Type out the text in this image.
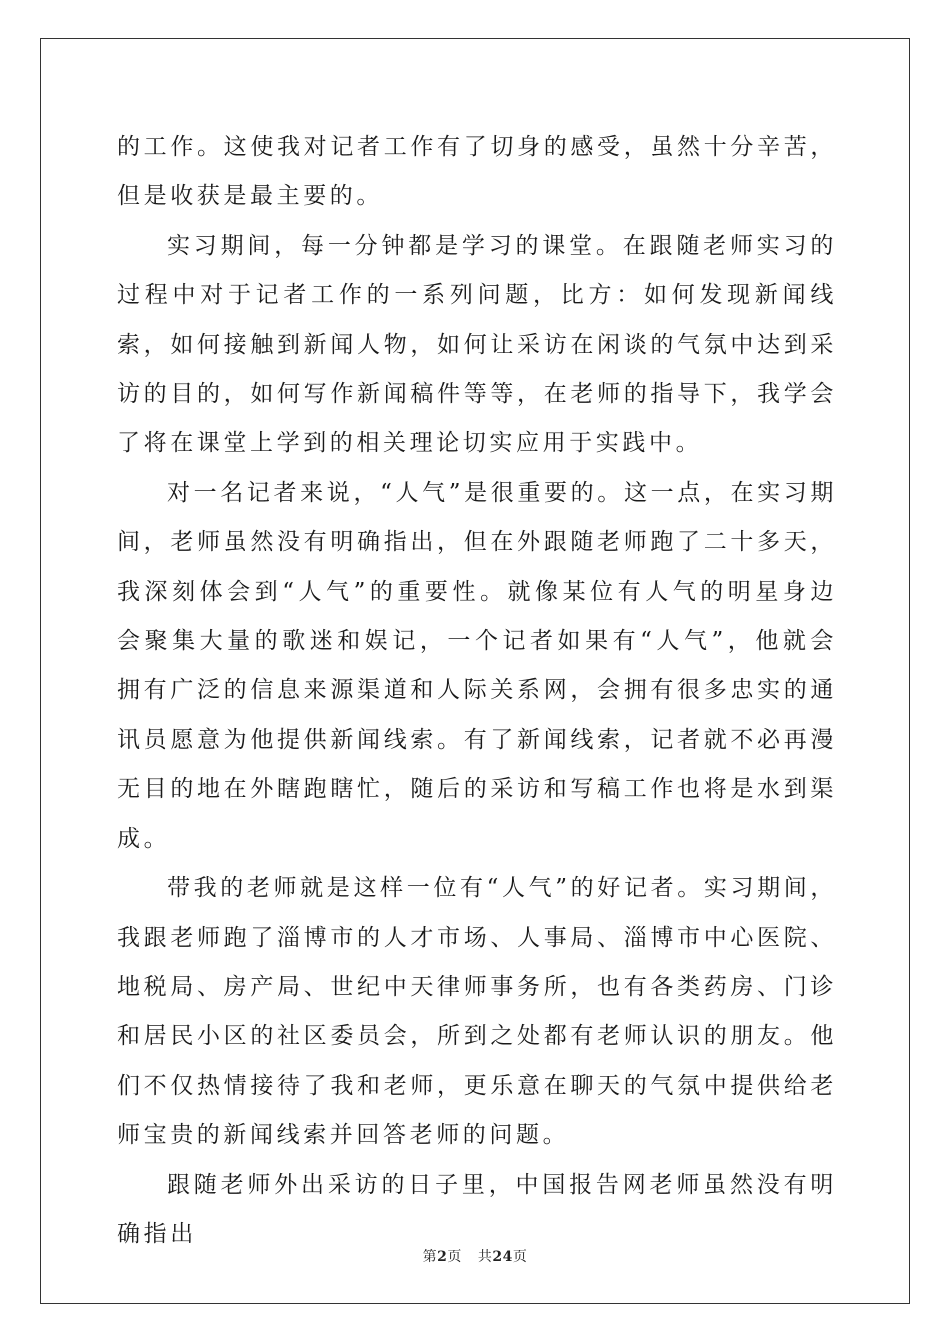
的工作。这使我对记者工作有了切身的感受，虽然十分辛苦，但是收获是最主要的。

实习期间，每一分钟都是学习的课堂。在跟随老师实习的过程中对于记者工作的一系列问题，比方：如何发现新闻线索，如何接触到新闻人物，如何让采访在闲谈的气氛中达到采访的目的，如何写作新闻稿件等等，在老师的指导下，我学会了将在课堂上学到的相关理论切实应用于实践中。

对一名记者来说，“人气”是很重要的。这一点，在实习期间，老师虽然没有明确指出，但在外跟随老师跑了二十多天，我深刻体会到“人气”的重要性。就像某位有人气的明星身边会聚集大量的歌迷和娱记，一个记者如果有“人气”，他就会拥有广泛的信息来源渠道和人际关系网，会拥有很多忠实的通讯员愿意为他提供新闻线索。有了新闻线索，记者就不必再漫无目的地在外瞎跑瞎忙，随后的采访和写稿工作也将是水到渠成。

带我的老师就是这样一位有“人气”的好记者。实习期间，我跟老师跑了淄博市的人才市场、人事局、淄博市中心医院、地税局、房产局、世纪中天律师事务所，也有各类药房、门诊和居民小区的社区委员会，所到之处都有老师认识的朋友。他们不仅热情接待了我和老师，更乐意在聊天的气氛中提供给老师宝贵的新闻线索并回答老师的问题。

跟随老师外出采访的日子里，中国报告网老师虽然没有明确指出

第2页 共24页
